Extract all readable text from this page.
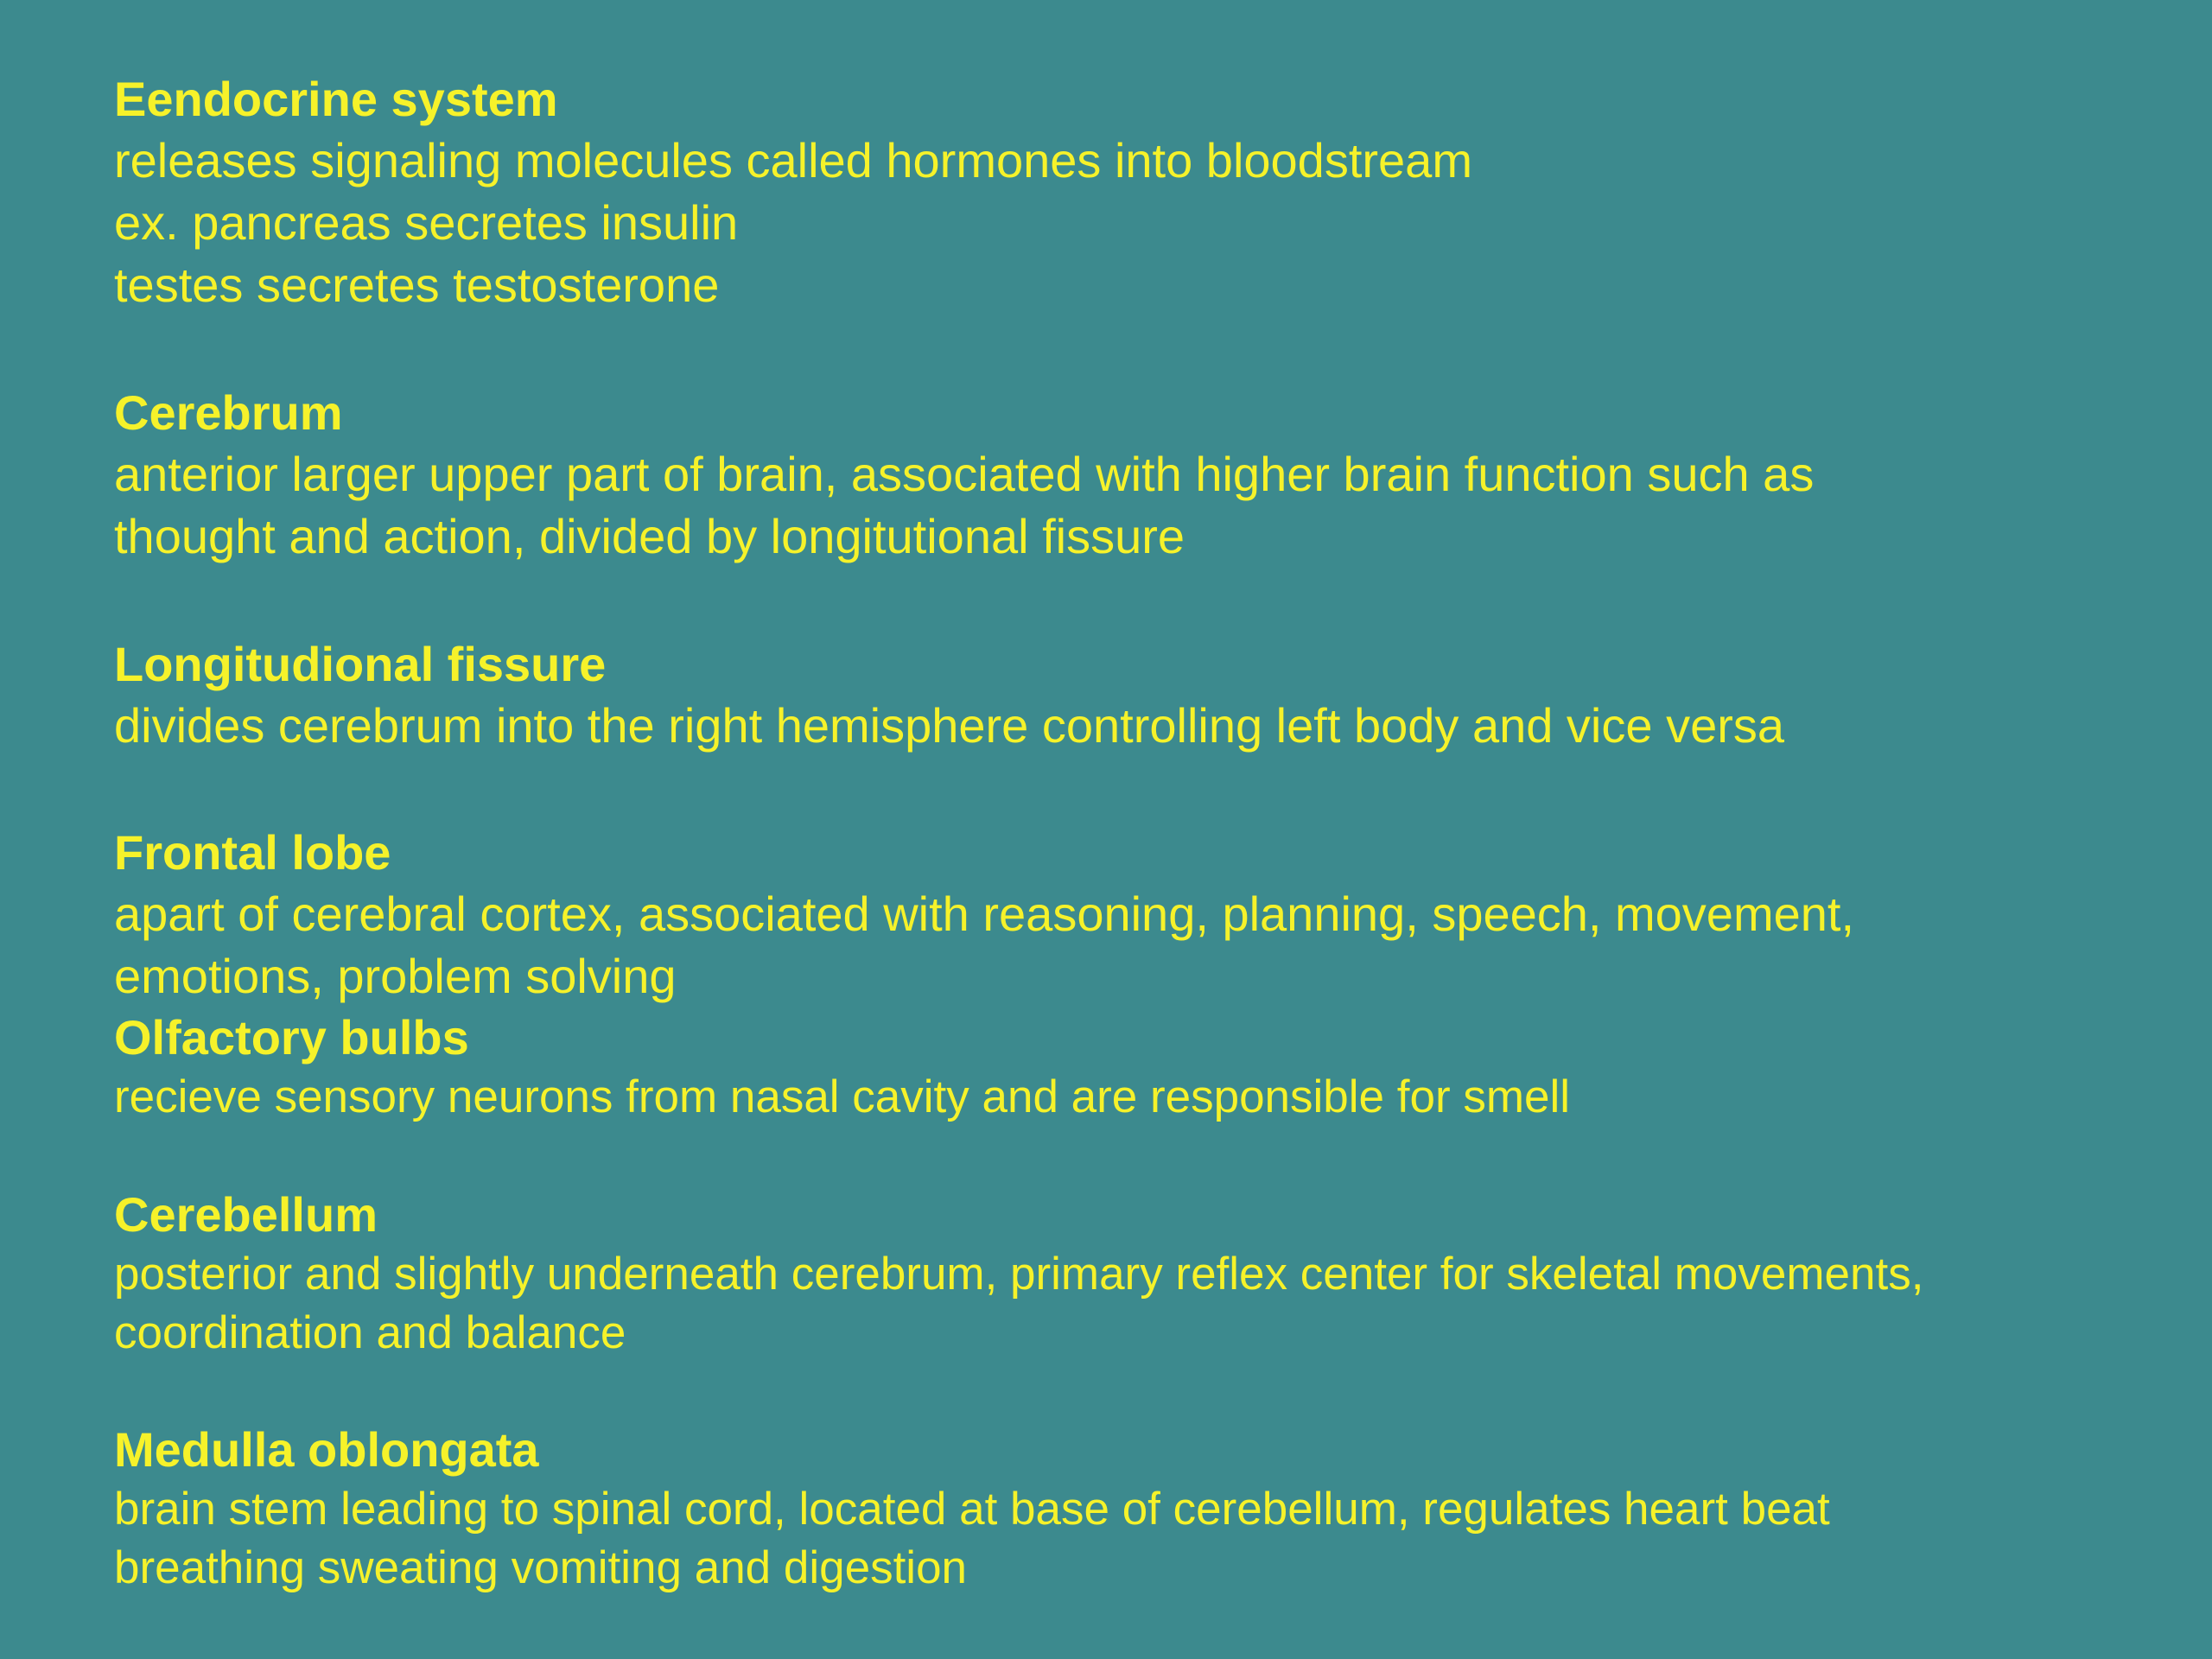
Eendocrine system
releases signaling molecules called hormones into bloodstream
ex. pancreas secretes insulin
testes secretes testosterone
Cerebrum
anterior larger upper part of brain, associated with higher brain function such as
thought and action, divided by longitutional fissure
Longitudional fissure
divides cerebrum into the right hemisphere controlling left body and vice versa
Frontal lobe
apart of cerebral cortex, associated with reasoning, planning, speech, movement,
emotions, problem solving
Olfactory bulbs
recieve sensory neurons from nasal cavity and are responsible for smell
Cerebellum
posterior and slightly underneath cerebrum, primary reflex center for skeletal movements,
coordination and balance
Medulla oblongata
brain stem leading to spinal cord, located at base of cerebellum, regulates heart beat
breathing sweating vomiting and digestion
